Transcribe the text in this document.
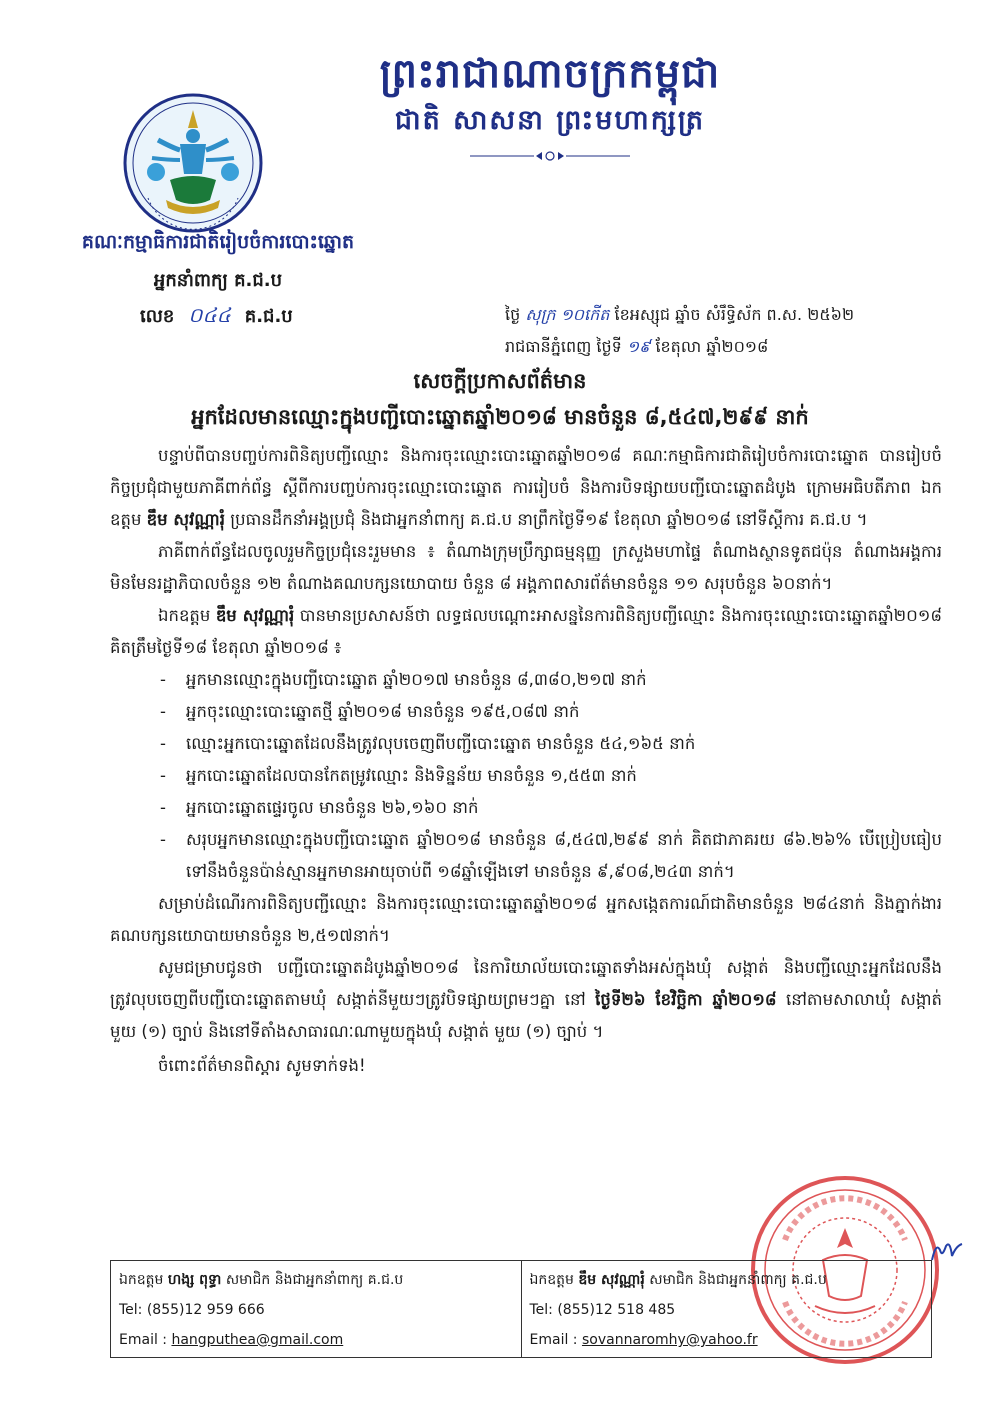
ព្រះរាជាណាចក្រកម្ពុជា
ជាតិ សាសនា ព្រះមហាក្សត្រ
គណៈកម្មាធិការជាតិរៀបចំការបោះឆ្នោត
អ្នកនាំពាក្យ គ.ជ.ប
លេខ ០៤៤ គ.ជ.ប	ថ្ងៃ សុក្រ ១០កើត ខែអស្សុជ ឆ្នាំច សំរឹទ្ធិស័ក ព.ស. ២៥៦២
រាជធានីភ្នំពេញ ថ្ងៃទី ១៩ ខែតុលា ឆ្នាំ២០១៨
សេចក្តីប្រកាសព័ត៌មាន
អ្នកដែលមានឈ្មោះក្នុងបញ្ជីបោះឆ្នោតឆ្នាំ២០១៨ មានចំនួន ៨,៥៤៧,២៩៩ នាក់

បន្ទាប់ពីបានបញ្ចប់ការពិនិត្យបញ្ជីឈ្មោះ និងការចុះឈ្មោះបោះឆ្នោតឆ្នាំ២០១៨ គណៈកម្មាធិការជាតិរៀបចំការបោះឆ្នោត បានរៀបចំកិច្ចប្រជុំជាមួយភាគីពាក់ព័ន្ធ ស្តីពីការបញ្ចប់ការចុះឈ្មោះបោះឆ្នោត ការរៀបចំ និងការបិទផ្សាយបញ្ជីបោះឆ្នោតដំបូង ក្រោមអធិបតីភាព ឯកឧត្តម ឌឹម សុវណ្ណារុំ ប្រធានដឹកនាំអង្គប្រជុំ និងជាអ្នកនាំពាក្យ គ.ជ.ប នាព្រឹកថ្ងៃទី១៩ ខែតុលា ឆ្នាំ២០១៨ នៅទីស្តីការ គ.ជ.ប ។

ភាគីពាក់ព័ន្ធដែលចូលរួមកិច្ចប្រជុំនេះរួមមាន ៖ តំណាងក្រុមប្រឹក្សាធម្មនុញ្ញ ក្រសួងមហាផ្ទៃ តំណាងស្ថានទូតជប៉ុន តំណាងអង្គការមិនមែនរដ្ឋាភិបាលចំនួន ១២ តំណាងគណបក្សនយោបាយ ចំនួន ៨ អង្គភាពសារព័ត៌មានចំនួន ១១ សរុបចំនួន ៦០នាក់។

ឯកឧត្តម ឌឹម សុវណ្ណារុំ បានមានប្រសាសន៍ថា លទ្ធផលបណ្តោះអាសន្ននៃការពិនិត្យបញ្ជីឈ្មោះ និងការចុះឈ្មោះបោះឆ្នោតឆ្នាំ២០១៨ គិតត្រឹមថ្ងៃទី១៨ ខែតុលា ឆ្នាំ២០១៨ ៖

- អ្នកមានឈ្មោះក្នុងបញ្ជីបោះឆ្នោត ឆ្នាំ២០១៧ មានចំនួន ៨,៣៨០,២១៧ នាក់
- អ្នកចុះឈ្មោះបោះឆ្នោតថ្មី ឆ្នាំ២០១៨ មានចំនួន ១៩៥,០៨៧ នាក់
- ឈ្មោះអ្នកបោះឆ្នោតដែលនឹងត្រូវលុបចេញពីបញ្ជីបោះឆ្នោត មានចំនួន ៥៤,១៦៥ នាក់
- អ្នកបោះឆ្នោតដែលបានកែតម្រូវឈ្មោះ និងទិន្នន័យ មានចំនួន ១,៥៥៣ នាក់
- អ្នកបោះឆ្នោតផ្ទេរចូល មានចំនួន ២៦,១៦០ នាក់
- សរុបអ្នកមានឈ្មោះក្នុងបញ្ជីបោះឆ្នោត ឆ្នាំ២០១៨ មានចំនួន ៨,៥៤៧,២៩៩ នាក់ គិតជាភាគរយ ៨៦.២៦% បើប្រៀបធៀបទៅនឹងចំនួនប៉ាន់ស្មានអ្នកមានអាយុចាប់ពី ១៨ឆ្នាំឡើងទៅ មានចំនួន ៩,៩០៨,២៤៣ នាក់។

សម្រាប់ដំណើរការពិនិត្យបញ្ជីឈ្មោះ និងការចុះឈ្មោះបោះឆ្នោតឆ្នាំ២០១៨ អ្នកសង្កេតការណ៍ជាតិមានចំនួន ២៨៤នាក់ និងភ្នាក់ងារគណបក្សនយោបាយមានចំនួន ២,៥១៧នាក់។

សូមជម្រាបជូនថា បញ្ជីបោះឆ្នោតដំបូងឆ្នាំ២០១៨ នៃការិយាល័យបោះឆ្នោតទាំងអស់ក្នុងឃុំ សង្កាត់ និងបញ្ជីឈ្មោះអ្នកដែលនឹងត្រូវលុបចេញពីបញ្ជីបោះឆ្នោតតាមឃុំ សង្កាត់នីមួយៗត្រូវបិទផ្សាយព្រមៗគ្នា នៅ ថ្ងៃទី២៦ ខែវិច្ឆិកា ឆ្នាំ២០១៨ នៅតាមសាលាឃុំ សង្កាត់ មួយ (១) ច្បាប់ និងនៅទីតាំងសាធារណៈណាមួយក្នុងឃុំ សង្កាត់ មួយ (១) ច្បាប់ ។

ចំពោះព័ត៌មានពិស្តារ សូមទាក់ទង!

ឯកឧត្តម ហង្ស ពុទ្ធា សមាជិក និងជាអ្នកនាំពាក្យ គ.ជ.ប
Tel: (855)12 959 666
Email : hangputhea@gmail.com
ឯកឧត្តម ឌឹម សុវណ្ណារុំ សមាជិក និងជាអ្នកនាំពាក្យ គ.ជ.ប
Tel: (855)12 518 485
Email : sovannaromhy@yahoo.fr
